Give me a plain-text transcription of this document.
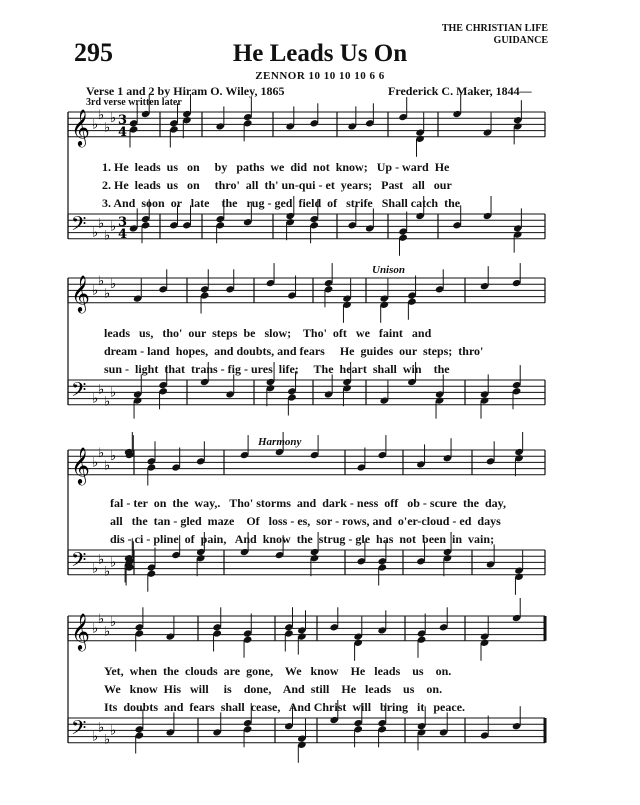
295	He Leads Us On
THE CHRISTIAN LIFE
GUIDANCE
ZENNOR 10 10 10 10 6 6
Verse 1 and 2 by Hiram O. Wiley, 1865
3rd verse written later
Frederick C. Maker, 1844—
𝄞 ♭
♭
♭
♭ 3
4
𝄢 ♭
♭
♭
♭ 3
4
𝄞 ♭
♭
♭
♭
𝄢 ♭
♭
♭
♭
𝄞 ♭
♭
♭
♭
𝄢 ♭
♭
♭
♭
𝄞 ♭
♭
♭
♭
𝄢 ♭
♭
♭
♭
1. He  leads  us   on     by   paths  we  did  not  know;   Up - ward  He
2. He  leads  us   on     thro'  all  th' un-qui - et  years;   Past   all   our
3. And  soon  or   late    the   rug - ged  field  of   strife   Shall catch  the
Unison
leads   us,   tho'  our  steps  be   slow;    Tho'  oft   we   faint   and
dream - land  hopes,  and doubts, and fears     He  guides  our  steps;  thro'
sun -  light  that  trans - fig - ures  life;     The  heart  shall  win    the
Harmony
fal - ter  on  the  way,.   Tho' storms  and  dark - ness  off   ob - scure  the  day,
all   the  tan - gled  maze    Of   loss - es,  sor - rows, and  o'er-cloud - ed  days
dis - ci - pline  of  pain,   And  know  the  strug - gle  has  not  been  in  vain;
Yet,  when  the  clouds  are  gone,    We   know    He   leads    us    on.
We   know  His   will     is    done,    And  still    He   leads    us    on.
Its  doubts  and  fears  shall  cease,   And Christ  will   bring   it   peace.
